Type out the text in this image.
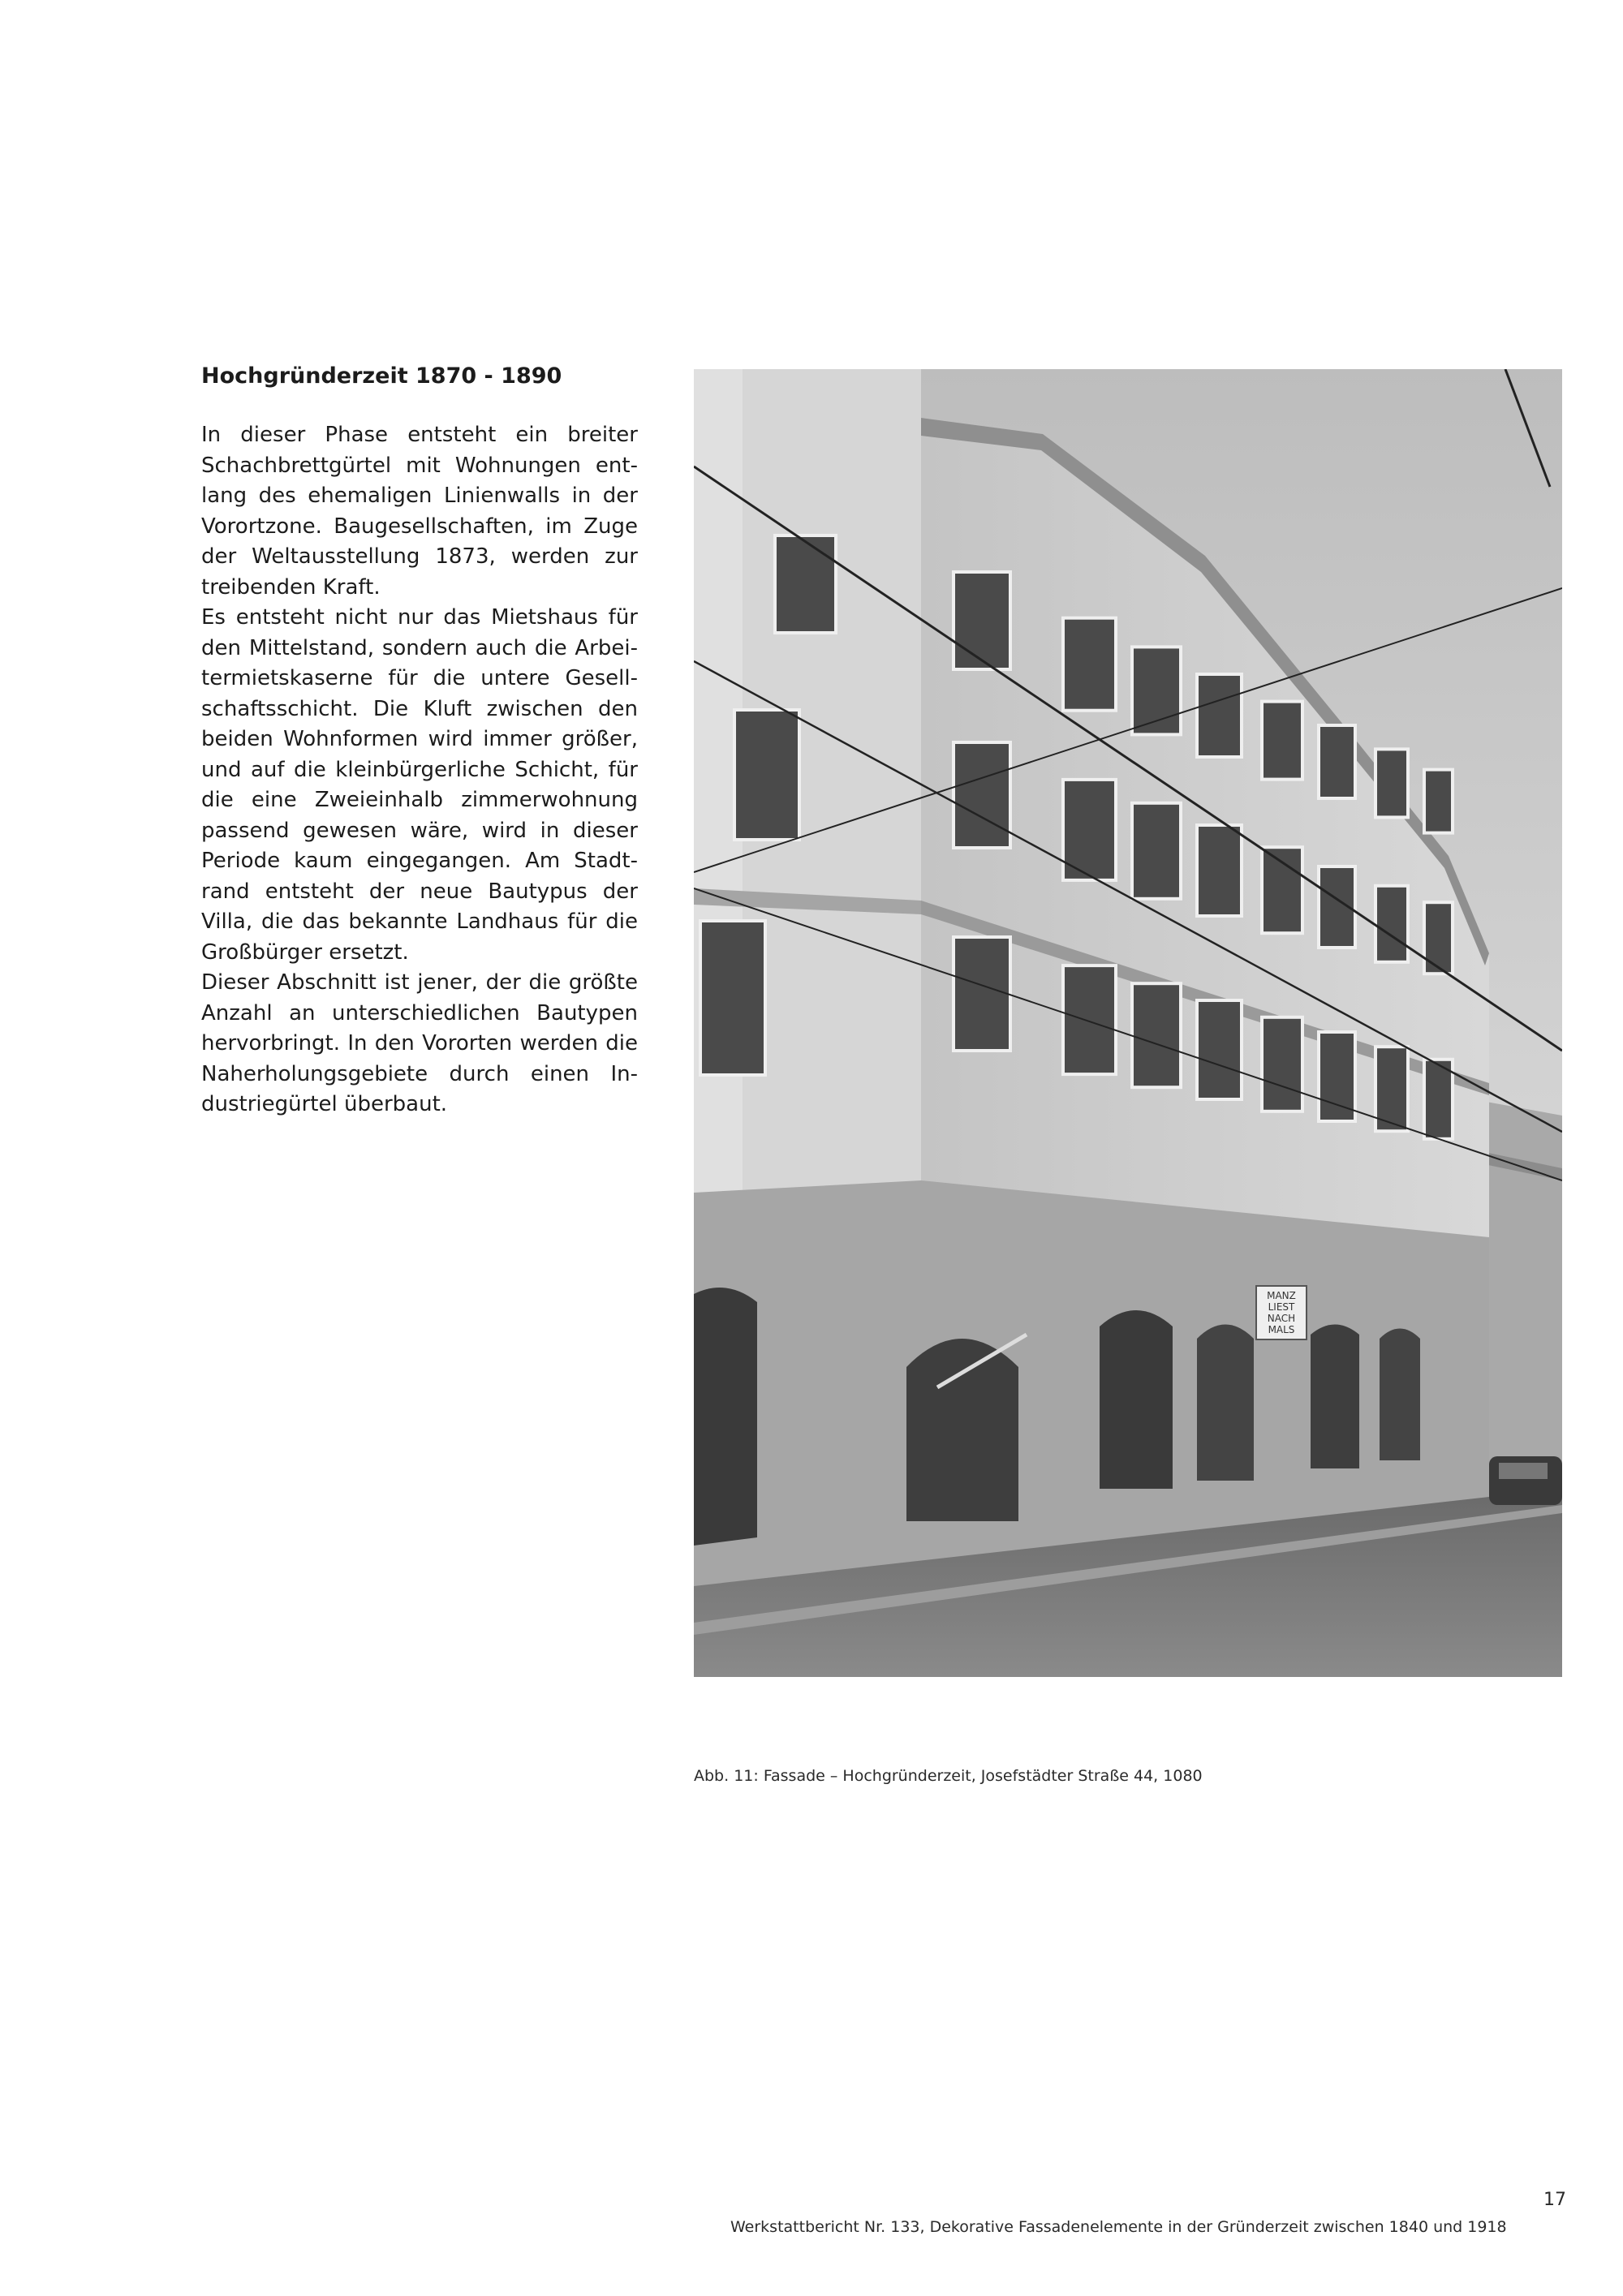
Hochgründerzeit 1870 - 1890

In dieser Phase entsteht ein breiter Schachbrettgürtel mit Wohnungen entlang des ehemaligen Linienwalls in der Vorortzone. Baugesellschaften, im Zuge der Weltausstellung 1873, werden zur treibenden Kraft.

Es entsteht nicht nur das Mietshaus für den Mittelstand, sondern auch die Arbeitermietskaserne für die untere Gesellschaftsschicht. Die Kluft zwischen den beiden Wohnformen wird immer größer, und auf die kleinbürgerliche Schicht, für die eine Zweieinhalb zimmerwohnung passend gewesen wäre, wird in dieser Periode kaum eingegangen. Am Stadtrand entsteht der neue Bautypus der Villa, die das bekannte Landhaus für die Großbürger ersetzt.

Dieser Abschnitt ist jener, der die größte Anzahl an unterschiedlichen Bautypen hervorbringt. In den Vororten werden die Naherholungsgebiete durch einen Industriegürtel überbaut.

MANZ
LIEST
NACH
MALS

Abb. 11: Fassade – Hochgründerzeit, Josefstädter Straße 44, 1080

17
Werkstattbericht Nr. 133, Dekorative Fassadenelemente in der Gründerzeit zwischen 1840 und 1918
